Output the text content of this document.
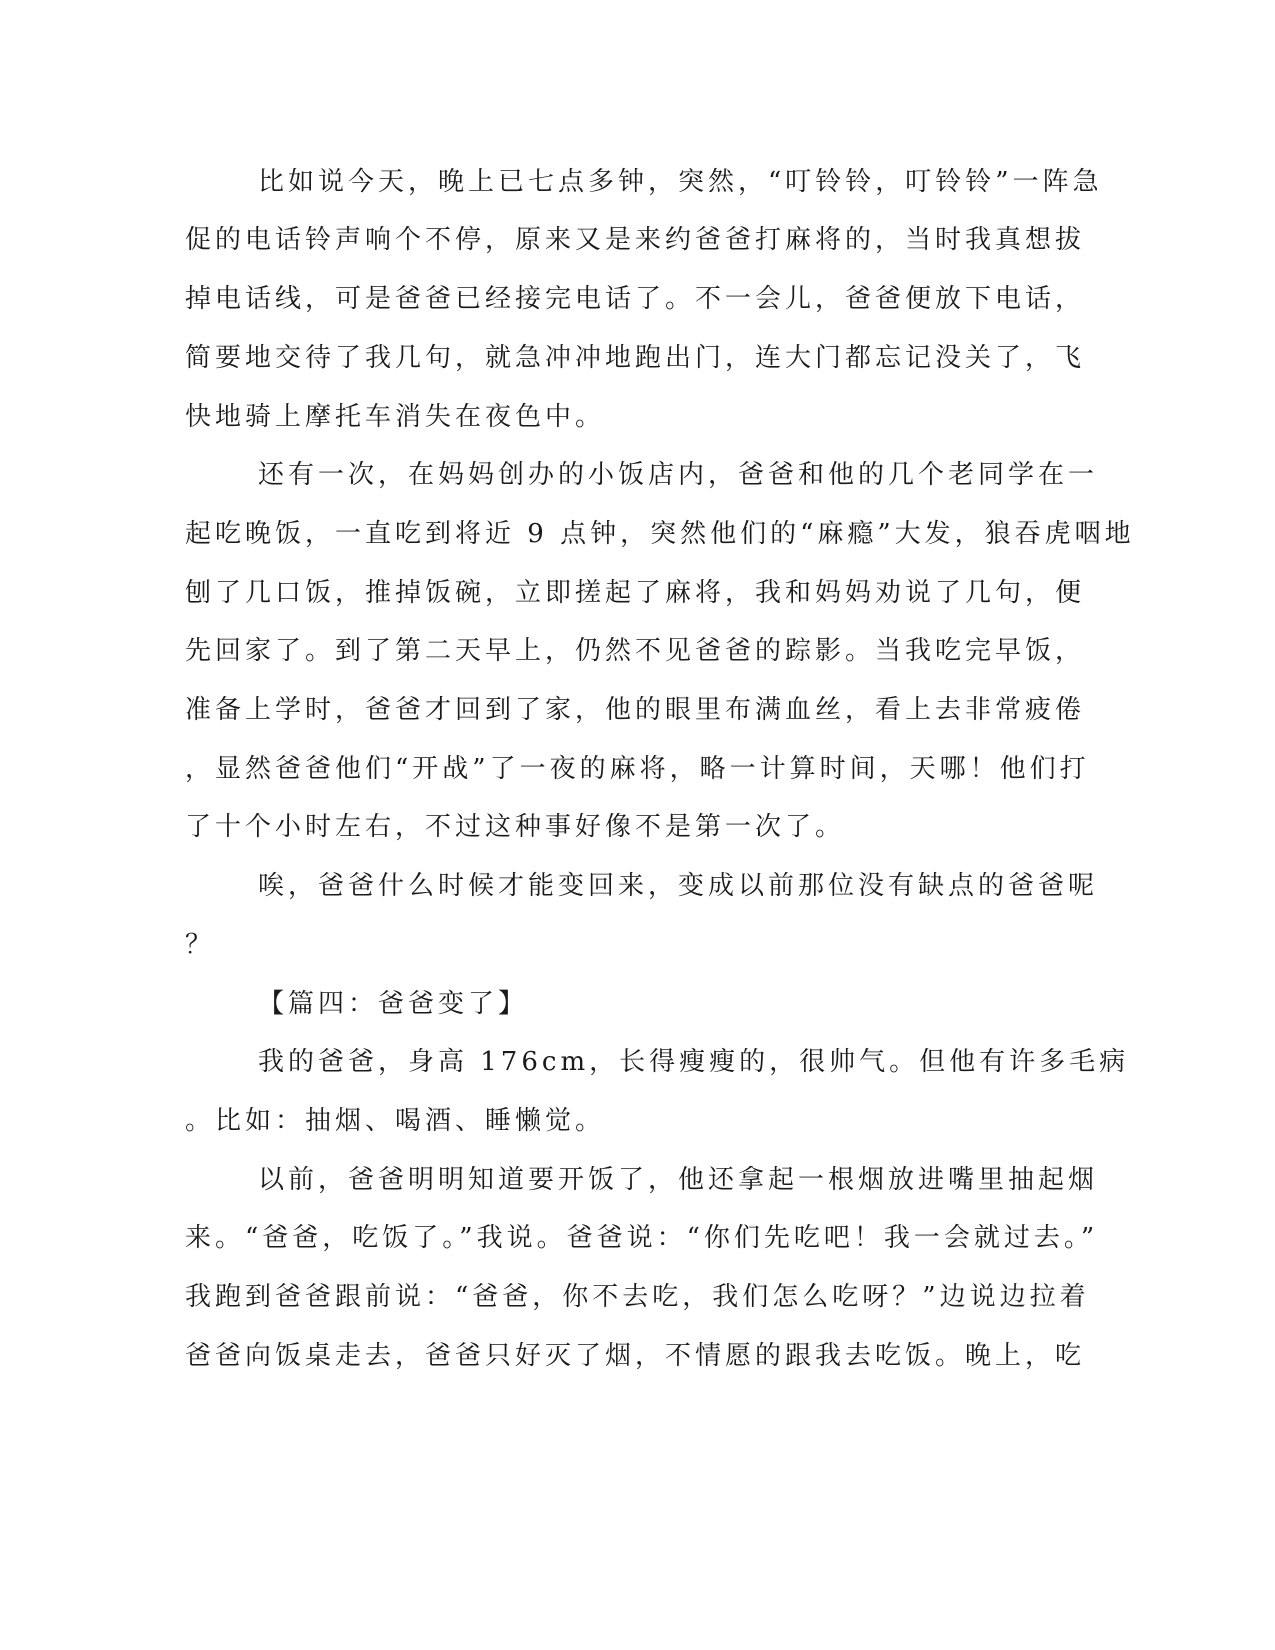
比如说今天，晚上已七点多钟，突然，“叮铃铃，叮铃铃”一阵急
促的电话铃声响个不停，原来又是来约爸爸打麻将的，当时我真想拔
掉电话线，可是爸爸已经接完电话了。不一会儿，爸爸便放下电话，
简要地交待了我几句，就急冲冲地跑出门，连大门都忘记没关了，飞
快地骑上摩托车消失在夜色中。
还有一次，在妈妈创办的小饭店内，爸爸和他的几个老同学在一
起吃晚饭，一直吃到将近 9 点钟，突然他们的“麻瘾”大发，狼吞虎咽地
刨了几口饭，推掉饭碗，立即搓起了麻将，我和妈妈劝说了几句，便
先回家了。到了第二天早上，仍然不见爸爸的踪影。当我吃完早饭，
准备上学时，爸爸才回到了家，他的眼里布满血丝，看上去非常疲倦
，显然爸爸他们“开战”了一夜的麻将，略一计算时间，天哪！他们打
了十个小时左右，不过这种事好像不是第一次了。
唉，爸爸什么时候才能变回来，变成以前那位没有缺点的爸爸呢
？
【篇四：爸爸变了】
我的爸爸，身高 176cm，长得瘦瘦的，很帅气。但他有许多毛病
。比如：抽烟、喝酒、睡懒觉。
以前，爸爸明明知道要开饭了，他还拿起一根烟放进嘴里抽起烟
来。“爸爸，吃饭了。”我说。爸爸说：“你们先吃吧！我一会就过去。”
我跑到爸爸跟前说：“爸爸，你不去吃，我们怎么吃呀？”边说边拉着
爸爸向饭桌走去，爸爸只好灭了烟，不情愿的跟我去吃饭。晚上，吃
